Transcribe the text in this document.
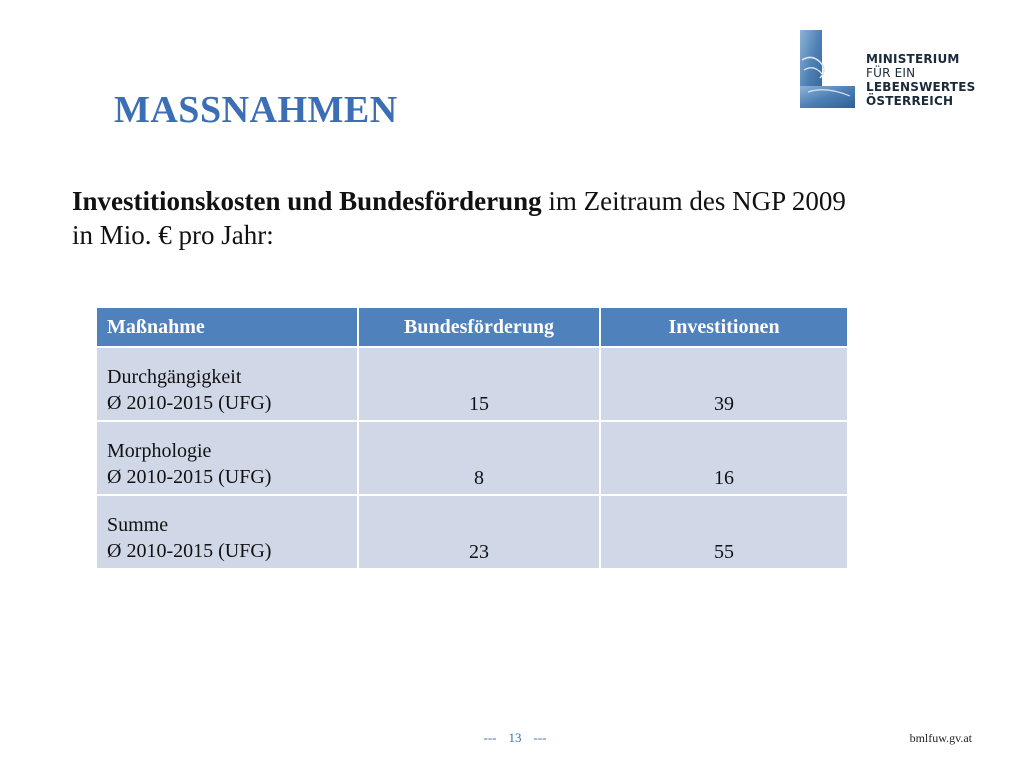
MINISTERIUM
FÜR EIN
LEBENSWERTES
ÖSTERREICH
MASSNAHMEN
Investitionskosten und Bundesförderung im Zeitraum des NGP 2009
in Mio. € pro Jahr:
Maßnahme	Bundesförderung	Investitionen
Durchgängigkeit
Ø 2010-2015 (UFG)	15	39
Morphologie
Ø 2010-2015 (UFG)	8	16
Summe
Ø 2010-2015 (UFG)	23	55
--- 13 ---	bmlfuw.gv.at
